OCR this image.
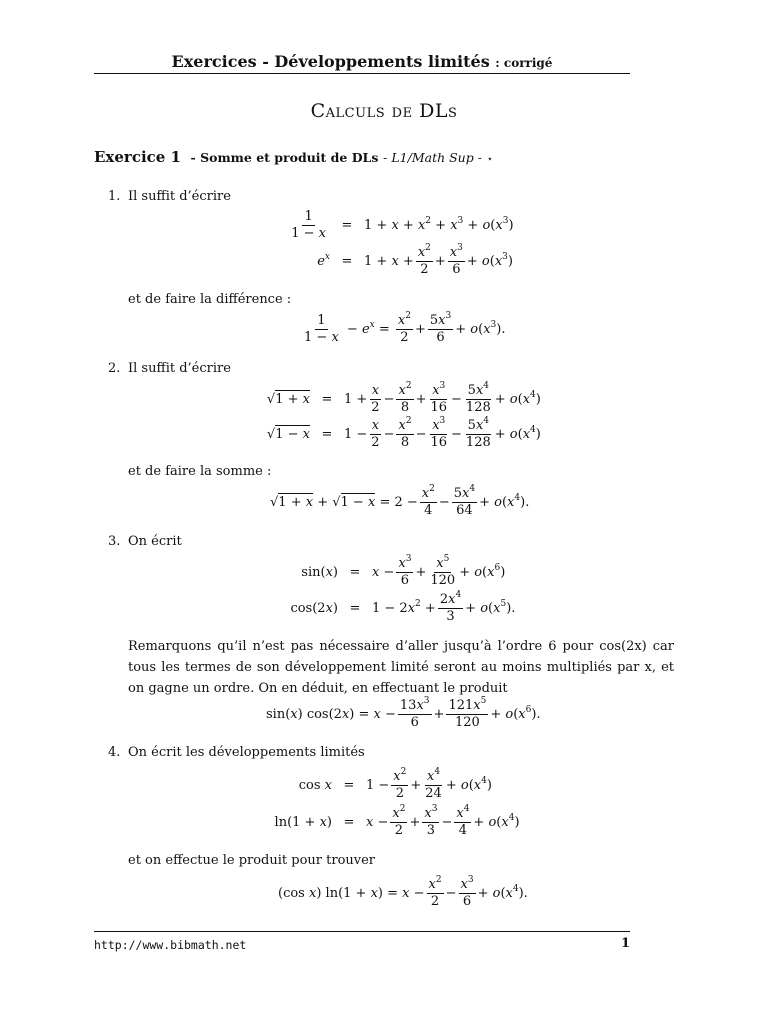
Exercices - Développements limités : corrigé
Calculs de DLs
Exercice 1 - Somme et produit de DLs - L1/Math Sup - ⋆
1. Il suffit d’écrire
$\frac{1}{1 - x}$	= $1 + x + x^2 + x^3 + o(x^3)$
$e^x = 1 + x + \frac{x^2}{2} + \frac{x^3}{6} + o(x^3)$
et de faire la différence :
$\frac{1}{1 - x} - e^x = \frac{x^2}{2} + \frac{5x^3}{6} + o(x^3)$.
2. Il suffit d’écrire
$√1 + x = 1 + \frac{x}{2} - \frac{x^2}{8} + \frac{x^3}{16} - \frac{5x^4}{128} + o(x^4)$
$√1 - x = 1 - \frac{x}{2} - \frac{x^2}{8} - \frac{x^3}{16} - \frac{5x^4}{128} + o(x^4)$
et de faire la somme :
$√1 + x + √1 - x = 2 - \frac{x^2}{4} - \frac{5x^4}{64} + o(x^4)$.
3. On écrit
$\sin(x) = x - \frac{x^3}{6} + \frac{x^5}{120} + o(x^6)$
$\cos(2x) = 1 - 2x^2 + \frac{2x^4}{3} + o(x^5)$.
Remarquons qu’il n’est pas nécessaire d’aller jusqu’à l’ordre 6 pour cos(2x) car tous les termes de son développement limité seront au moins multipliés par x, et on gagne un ordre. On en déduit, en effectuant le produit
sin(x) $\cos(2x) = x - \frac{13x^3}{6} + \frac{121x^5}{120} + o(x^6)$.
4. On écrit les développements limités
$\cos x = 1 - \frac{x^2}{2} + \frac{x^4}{24} + o(x^4)$
$\ln(1 + x) = x - \frac{x^2}{2} + \frac{x^3}{3} - \frac{x^4}{4} + o(x^4)$
et on effectue le produit pour trouver
(cos x) $\ln(1 + x) = x - \frac{x^2}{2} - \frac{x^3}{6} + o(x^4)$.
http://www.bibmath.net	1
